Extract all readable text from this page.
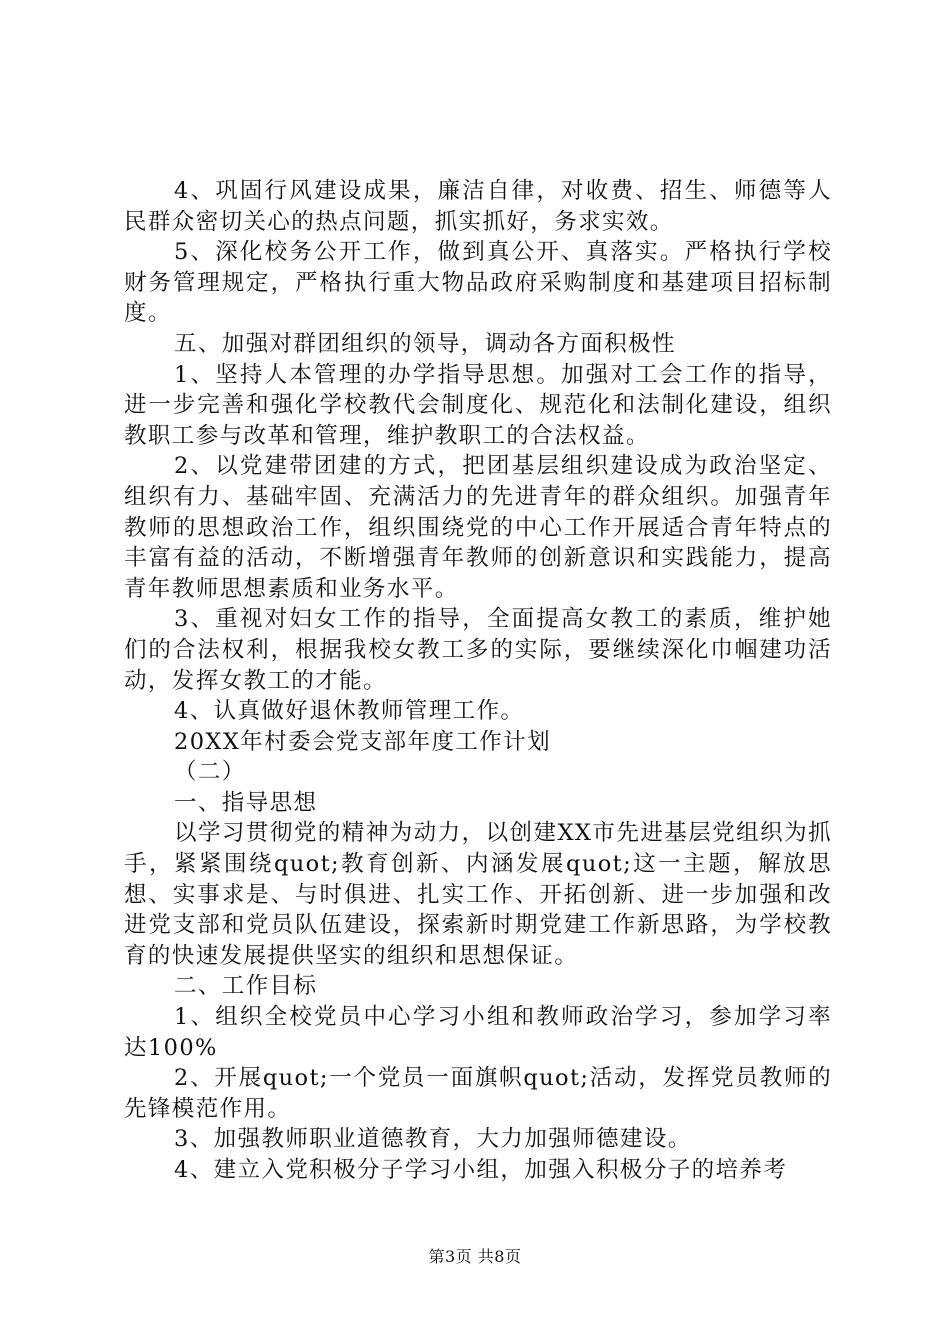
4、巩固行风建设成果，廉洁自律，对收费、招生、师德等人民群众密切关心的热点问题，抓实抓好，务求实效。

5、深化校务公开工作，做到真公开、真落实。严格执行学校财务管理规定，严格执行重大物品政府采购制度和基建项目招标制度。

五、加强对群团组织的领导，调动各方面积极性

1、坚持人本管理的办学指导思想。加强对工会工作的指导，进一步完善和强化学校教代会制度化、规范化和法制化建设，组织教职工参与改革和管理，维护教职工的合法权益。

2、以党建带团建的方式，把团基层组织建设成为政治坚定、组织有力、基础牢固、充满活力的先进青年的群众组织。加强青年教师的思想政治工作，组织围绕党的中心工作开展适合青年特点的丰富有益的活动，不断增强青年教师的创新意识和实践能力，提高青年教师思想素质和业务水平。

3、重视对妇女工作的指导，全面提高女教工的素质，维护她们的合法权利，根据我校女教工多的实际，要继续深化巾帼建功活动，发挥女教工的才能。

4、认真做好退休教师管理工作。

20XX年村委会党支部年度工作计划

（二）

一、指导思想

以学习贯彻党的精神为动力，以创建XX市先进基层党组织为抓手，紧紧围绕quot;教育创新、内涵发展quot;这一主题，解放思想、实事求是、与时俱进、扎实工作、开拓创新、进一步加强和改进党支部和党员队伍建设，探索新时期党建工作新思路，为学校教育的快速发展提供坚实的组织和思想保证。

二、工作目标

1、组织全校党员中心学习小组和教师政治学习，参加学习率达100%

2、开展quot;一个党员一面旗帜quot;活动，发挥党员教师的先锋模范作用。

3、加强教师职业道德教育，大力加强师德建设。

4、建立入党积极分子学习小组，加强入积极分子的培养考

第3页 共8页
